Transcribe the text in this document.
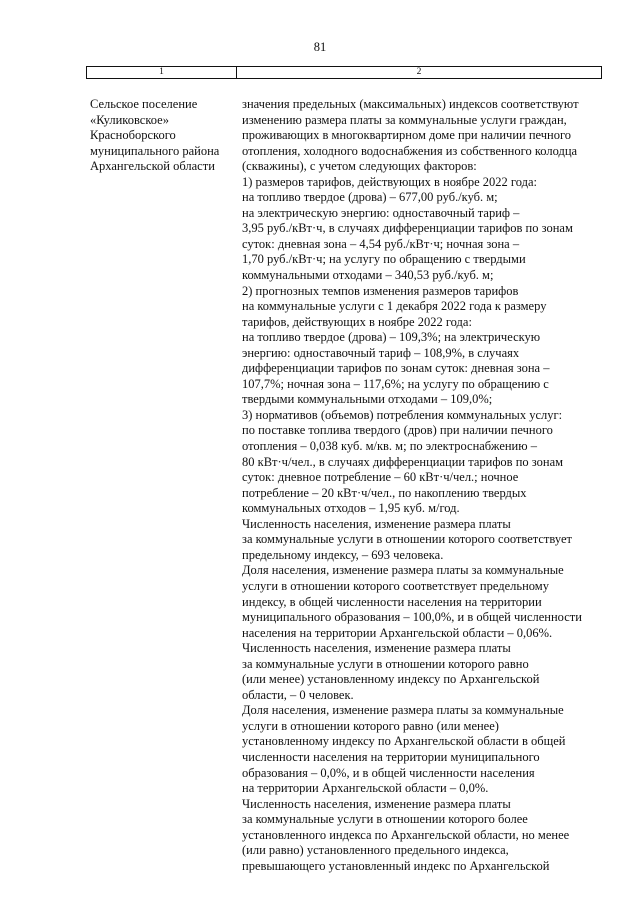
81
1	2
Сельское поселение
«Куликовское»
Красноборского
муниципального района
Архангельской области
значения предельных (максимальных) индексов соответствуют
изменению размера платы за коммунальные услуги граждан,
проживающих в многоквартирном доме при наличии печного
отопления, холодного водоснабжения из собственного колодца
(скважины), с учетом следующих факторов:
1) размеров тарифов, действующих в ноябре 2022 года:
на топливо твердое (дрова) – 677,00 руб./куб. м;
на электрическую энергию: одноставочный тариф –
3,95 руб./кВт·ч, в случаях дифференциации тарифов по зонам
суток: дневная зона – 4,54 руб./кВт·ч; ночная зона –
1,70 руб./кВт·ч; на услугу по обращению с твердыми
коммунальными отходами – 340,53 руб./куб. м;
2) прогнозных темпов изменения размеров тарифов
на коммунальные услуги с 1 декабря 2022 года к размеру
тарифов, действующих в ноябре 2022 года:
на топливо твердое (дрова) – 109,3%; на электрическую
энергию: одноставочный тариф – 108,9%, в случаях
дифференциации тарифов по зонам суток: дневная зона –
107,7%; ночная зона – 117,6%; на услугу по обращению с
твердыми коммунальными отходами – 109,0%;
3) нормативов (объемов) потребления коммунальных услуг:
по поставке топлива твердого (дров) при наличии печного
отопления – 0,038 куб. м/кв. м; по электроснабжению –
80 кВт·ч/чел., в случаях дифференциации тарифов по зонам
суток: дневное потребление – 60 кВт·ч/чел.; ночное
потребление – 20 кВт·ч/чел., по накоплению твердых
коммунальных отходов – 1,95 куб. м/год.
Численность населения, изменение размера платы
за коммунальные услуги в отношении которого соответствует
предельному индексу, – 693 человека.
Доля населения, изменение размера платы за коммунальные
услуги в отношении которого соответствует предельному
индексу, в общей численности населения на территории
муниципального образования – 100,0%, и в общей численности
населения на территории Архангельской области – 0,06%.
Численность населения, изменение размера платы
за коммунальные услуги в отношении которого равно
(или менее) установленному индексу по Архангельской
области, – 0 человек.
Доля населения, изменение размера платы за коммунальные
услуги в отношении которого равно (или менее)
установленному индексу по Архангельской области в общей
численности населения на территории муниципального
образования – 0,0%, и в общей численности населения
на территории Архангельской области – 0,0%.
Численность населения, изменение размера платы
за коммунальные услуги в отношении которого более
установленного индекса по Архангельской области, но менее
(или равно) установленного предельного индекса,
превышающего установленный индекс по Архангельской
